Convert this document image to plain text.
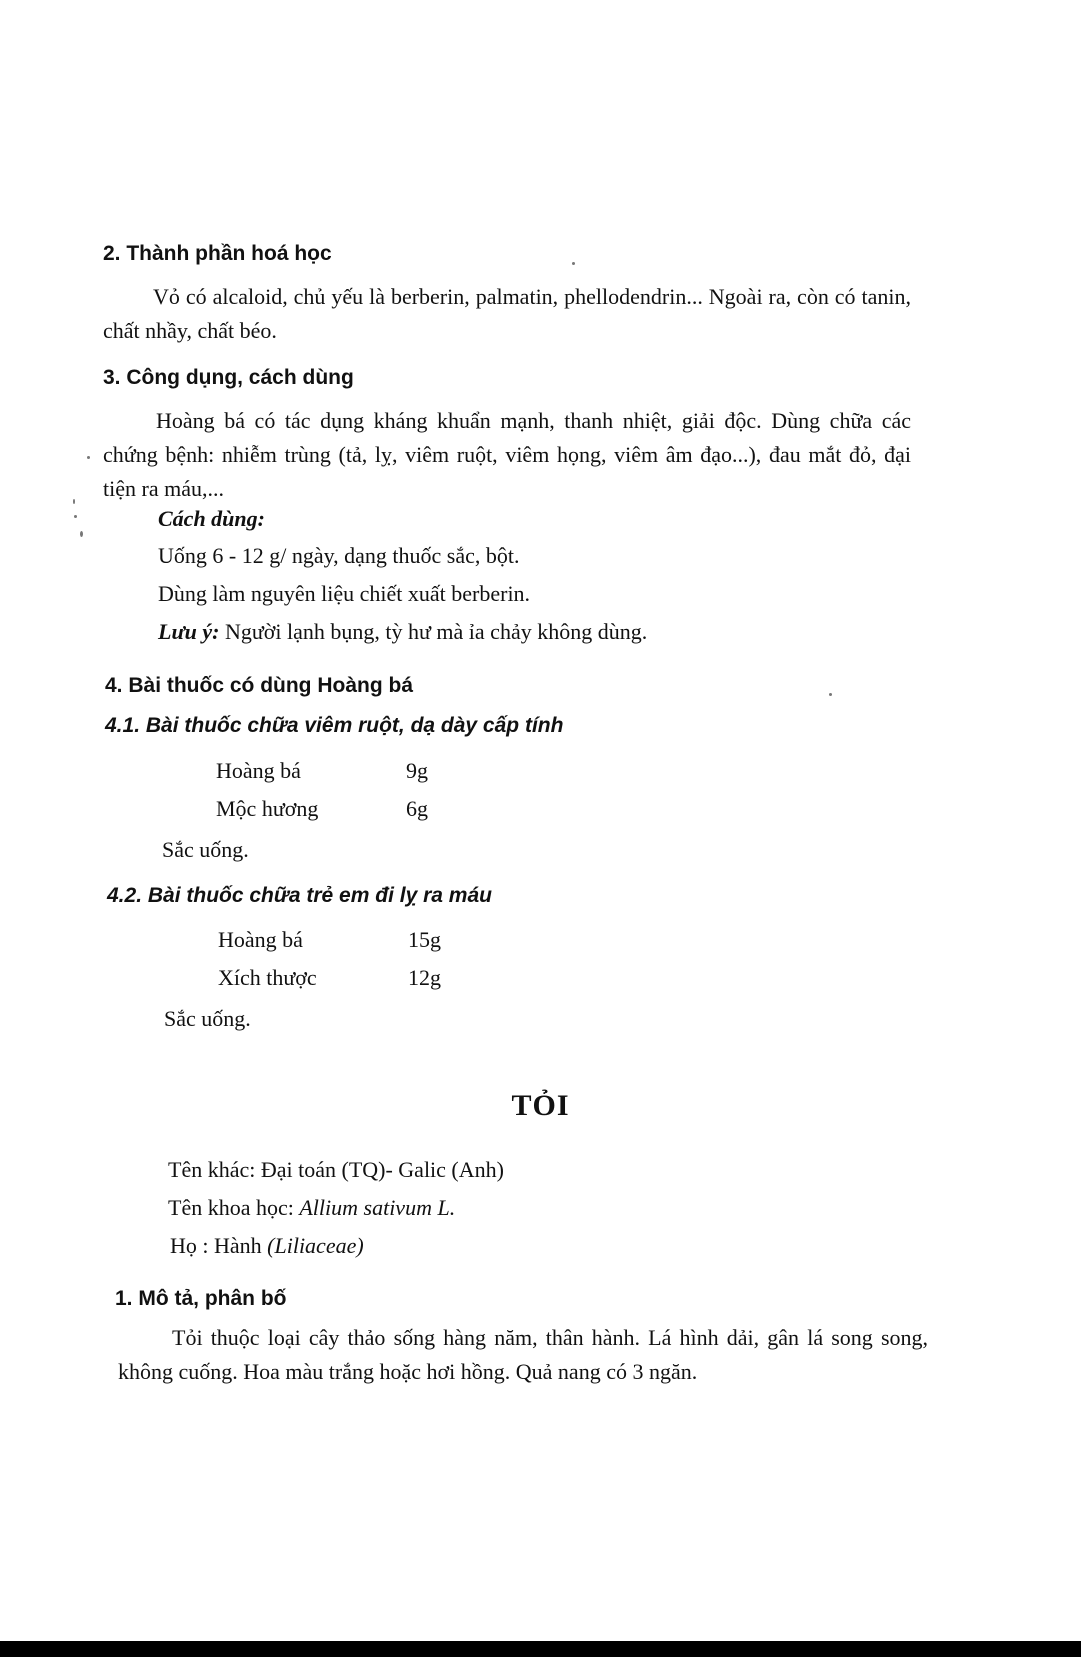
2. Thành phần hoá học
Vỏ có alcaloid, chủ yếu là berberin, palmatin, phellodendrin... Ngoài ra, còn có tanin, chất nhầy, chất béo.
3. Công dụng, cách dùng
Hoàng bá có tác dụng kháng khuẩn mạnh, thanh nhiệt, giải độc. Dùng chữa các chứng bệnh: nhiễm trùng (tả, lỵ, viêm ruột, viêm họng, viêm âm đạo...), đau mắt đỏ, đại tiện ra máu,...
Cách dùng:
Uống 6 - 12 g/ ngày, dạng thuốc sắc, bột.
Dùng làm nguyên liệu chiết xuất berberin.
Lưu ý: Người lạnh bụng, tỳ hư mà ỉa chảy không dùng.
4. Bài thuốc có dùng Hoàng bá
4.1. Bài thuốc chữa viêm ruột, dạ dày cấp tính
Hoàng bá	9g
Mộc hương	6g
Sắc uống.
4.2. Bài thuốc chữa trẻ em đi lỵ ra máu
Hoàng bá	15g
Xích thược	12g
Sắc uống.
TỎI
Tên khác: Đại toán (TQ)- Galic (Anh)
Tên khoa học: Allium sativum L.
Họ : Hành (Liliaceae)
1. Mô tả, phân bố
Tỏi thuộc loại cây thảo sống hàng năm, thân hành. Lá hình dải, gân lá song song, không cuống. Hoa màu trắng hoặc hơi hồng. Quả nang có 3 ngăn.
